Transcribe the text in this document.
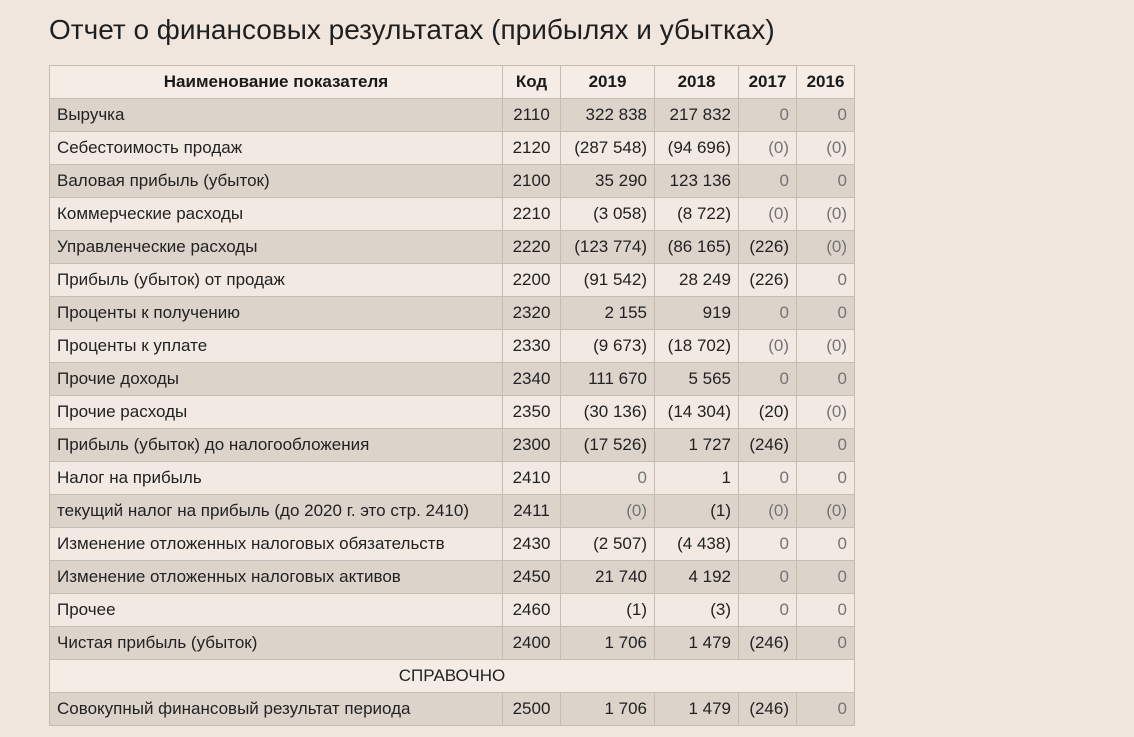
Отчет о финансовых результатах (прибылях и убытках)
Наименование показателя	Код	2019	2018	2017	2016
Выручка	2110	322 838	217 832	0	0
Себестоимость продаж	2120	(287 548)	(94 696)	(0)	(0)
Валовая прибыль (убыток)	2100	35 290	123 136	0	0
Коммерческие расходы	2210	(3 058)	(8 722)	(0)	(0)
Управленческие расходы	2220	(123 774)	(86 165)	(226)	(0)
Прибыль (убыток) от продаж	2200	(91 542)	28 249	(226)	0
Проценты к получению	2320	2 155	919	0	0
Проценты к уплате	2330	(9 673)	(18 702)	(0)	(0)
Прочие доходы	2340	111 670	5 565	0	0
Прочие расходы	2350	(30 136)	(14 304)	(20)	(0)
Прибыль (убыток) до налогообложения	2300	(17 526)	1 727	(246)	0
Налог на прибыль	2410	0	1	0	0
текущий налог на прибыль (до 2020 г. это стр. 2410)	2411	(0)	(1)	(0)	(0)
Изменение отложенных налоговых обязательств	2430	(2 507)	(4 438)	0	0
Изменение отложенных налоговых активов	2450	21 740	4 192	0	0
Прочее	2460	(1)	(3)	0	0
Чистая прибыль (убыток)	2400	1 706	1 479	(246)	0
СПРАВОЧНО					
Совокупный финансовый результат периода	2500	1 706	1 479	(246)	0
